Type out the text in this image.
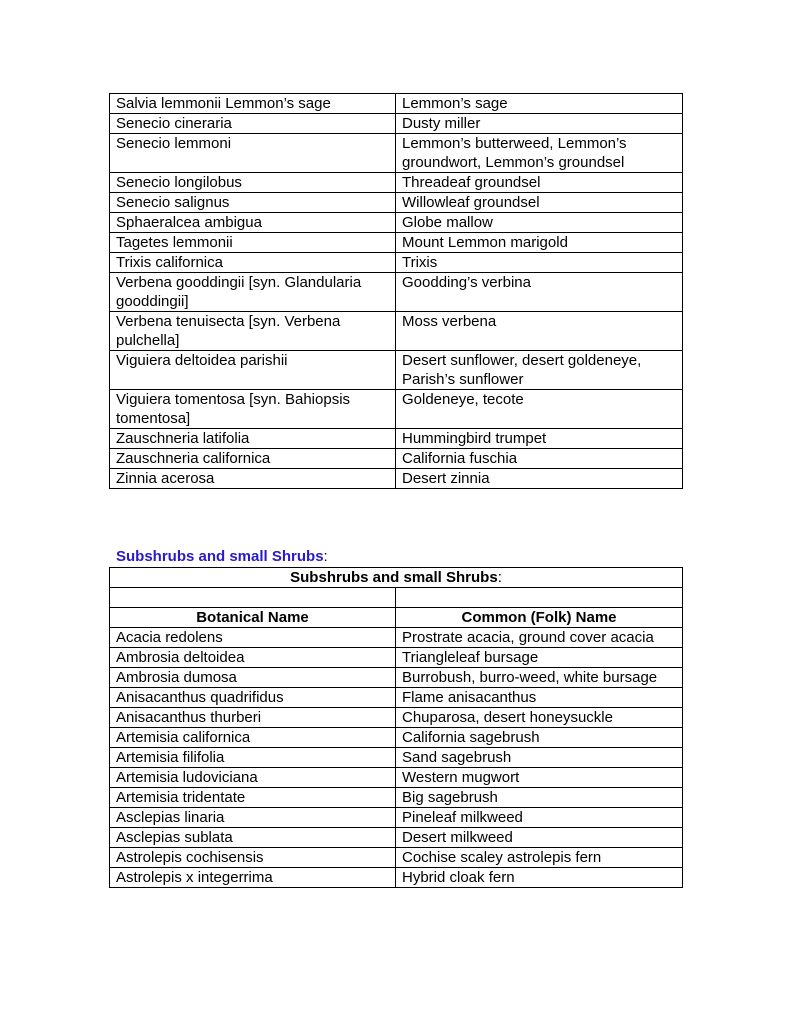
Salvia lemmonii Lemmon’s sage	Lemmon’s sage
Senecio cineraria	Dusty miller
Senecio lemmoni	Lemmon’s butterweed, Lemmon’s groundwort, Lemmon’s groundsel
Senecio longilobus	Threadeaf groundsel
Senecio salignus	Willowleaf groundsel
Sphaeralcea ambigua	Globe mallow
Tagetes lemmonii	Mount Lemmon marigold
Trixis californica	Trixis
Verbena gooddingii [syn. Glandularia gooddingii]	Goodding’s verbina
Verbena tenuisecta [syn. Verbena pulchella]	Moss verbena
Viguiera deltoidea parishii	Desert sunflower, desert goldeneye, Parish’s sunflower
Viguiera tomentosa [syn. Bahiopsis tomentosa]	Goldeneye, tecote
Zauschneria latifolia	Hummingbird trumpet
Zauschneria californica	California fuschia
Zinnia acerosa	Desert zinnia
Subshrubs and small Shrubs:
Subshrubs and small Shrubs:	

Botanical Name	Common (Folk) Name
Acacia redolens	Prostrate acacia, ground cover acacia
Ambrosia deltoidea	Triangleleaf bursage
Ambrosia dumosa	Burrobush, burro-weed, white bursage
Anisacanthus quadrifidus	Flame anisacanthus
Anisacanthus thurberi	Chuparosa, desert honeysuckle
Artemisia californica	California sagebrush
Artemisia filifolia	Sand sagebrush
Artemisia ludoviciana	Western mugwort
Artemisia tridentate	Big sagebrush
Asclepias linaria	Pineleaf milkweed
Asclepias sublata	Desert milkweed
Astrolepis cochisensis	Cochise scaley astrolepis fern
Astrolepis x integerrima	Hybrid cloak fern
